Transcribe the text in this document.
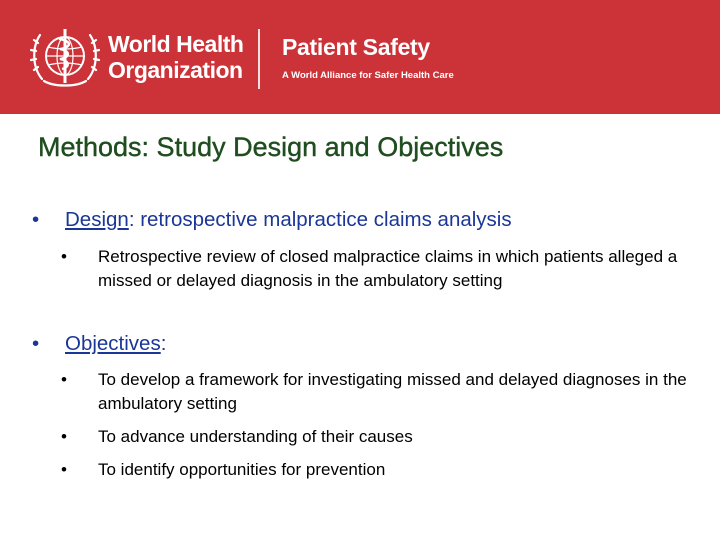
World Health
Organization
Patient Safety
A World Alliance for Safer Health Care
Methods: Study Design and Objectives
• Design: retrospective malpractice claims analysis
• Retrospective review of closed malpractice claims in which patients alleged a missed or delayed diagnosis in the ambulatory setting
• Objectives:
• To develop a framework for investigating missed and delayed diagnoses in the ambulatory setting
• To advance understanding of their causes
• To identify opportunities for prevention
